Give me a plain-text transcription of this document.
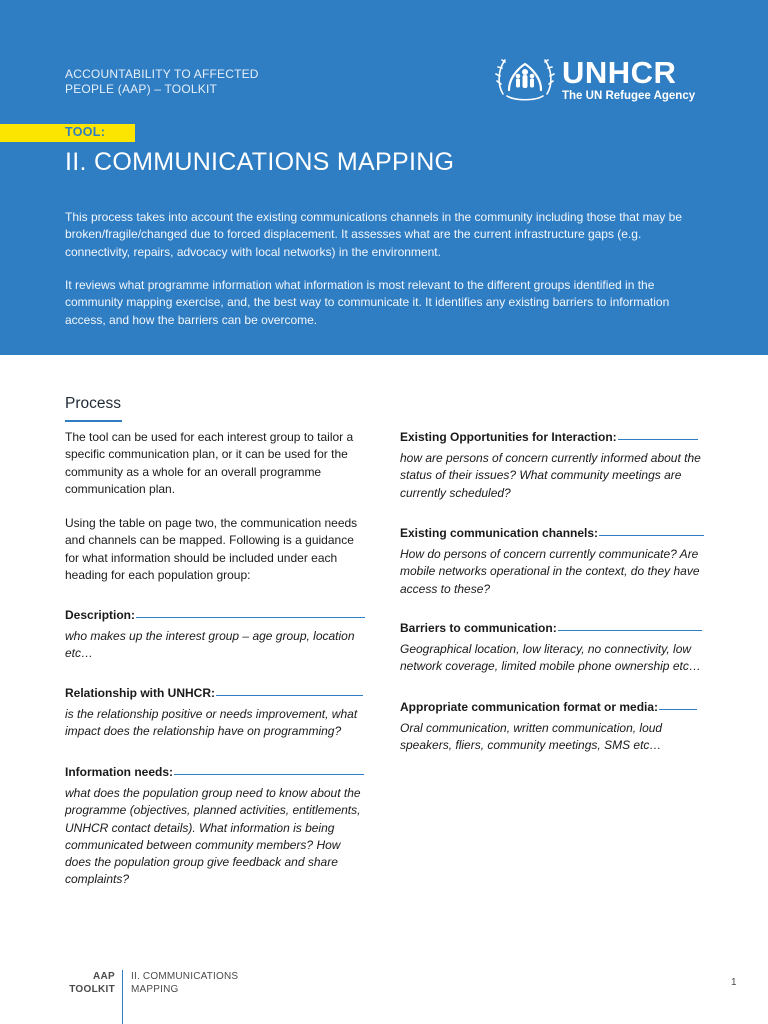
ACCOUNTABILITY TO AFFECTED
PEOPLE (AAP) – TOOLKIT	UNHCR
The UN Refugee Agency
TOOL:
II. COMMUNICATIONS MAPPING

This process takes into account the existing communications channels in the community including those that may be broken/fragile/changed due to forced displacement. It assesses what are the current infrastructure gaps (e.g. connectivity, repairs, advocacy with local networks) in the environment.

It reviews what programme information what information is most relevant to the different groups identified in the community mapping exercise, and, the best way to communicate it. It identifies any existing barriers to information access, and how the barriers can be overcome.

Process

The tool can be used for each interest group to tailor a specific communication plan, or it can be used for the community as a whole for an overall programme communication plan.

Using the table on page two, the communication needs and channels can be mapped. Following is a guidance for what information should be included under each heading for each population group:

Description:
who makes up the interest group – age group, location etc…
Relationship with UNHCR:
is the relationship positive or needs improvement, what impact does the relationship have on programming?
Information needs:
what does the population group need to know about the programme (objectives, planned activities, entitlements, UNHCR contact details). What information is being communicated between community members? How does the population group give feedback and share complaints?
Existing Opportunities for Interaction:
how are persons of concern currently informed about the status of their issues? What community meetings are currently scheduled?
Existing communication channels:
How do persons of concern currently communicate? Are mobile networks operational in the context, do they have access to these?
Barriers to communication:
Geographical location, low literacy, no connectivity, low network coverage, limited mobile phone ownership etc…
Appropriate communication format or media:
Oral communication, written communication, loud speakers, fliers, community meetings, SMS etc…
AAP
TOOLKIT
II. COMMUNICATIONS
MAPPING
1
